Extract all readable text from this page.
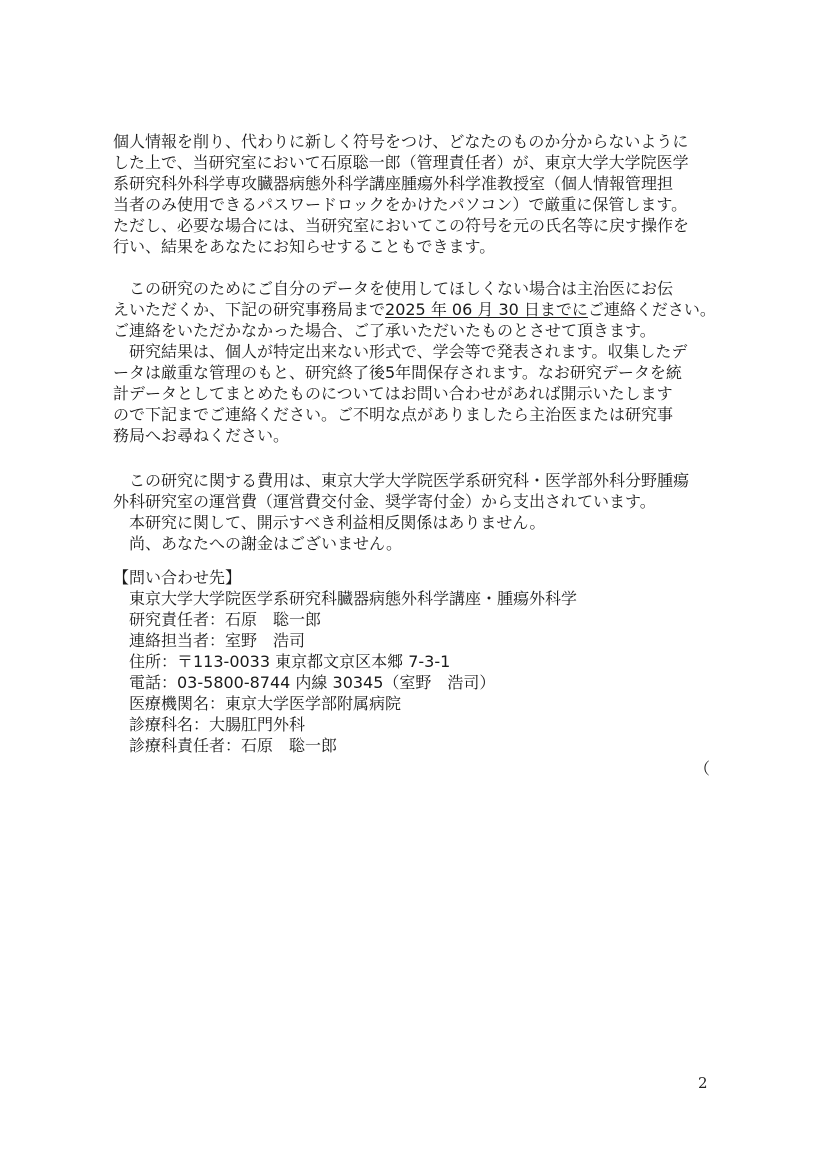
個人情報を削り、代わりに新しく符号をつけ、どなたのものか分からないように
した上で、当研究室において石原聡一郎（管理責任者）が、東京大学大学院医学
系研究科外科学専攻臓器病態外科学講座腫瘍外科学准教授室（個人情報管理担
当者のみ使用できるパスワードロックをかけたパソコン）で厳重に保管します。
ただし、必要な場合には、当研究室においてこの符号を元の氏名等に戻す操作を
行い、結果をあなたにお知らせすることもできます。
　この研究のためにご自分のデータを使用してほしくない場合は主治医にお伝
えいただくか、下記の研究事務局まで2025 年 06 月 30 日までにご連絡ください。
ご連絡をいただかなかった場合、ご了承いただいたものとさせて頂きます。
　研究結果は、個人が特定出来ない形式で、学会等で発表されます。収集したデ
ータは厳重な管理のもと、研究終了後5年間保存されます。なお研究データを統
計データとしてまとめたものについてはお問い合わせがあれば開示いたします
ので下記までご連絡ください。ご不明な点がありましたら主治医または研究事
務局へお尋ねください。
　この研究に関する費用は、東京大学大学院医学系研究科・医学部外科分野腫瘍
外科研究室の運営費（運営費交付金、奨学寄付金）から支出されています。
　本研究に関して、開示すべき利益相反関係はありません。
　尚、あなたへの謝金はございません。
【問い合わせ先】
　東京大学大学院医学系研究科臓器病態外科学講座・腫瘍外科学
　研究責任者：石原　聡一郎
　連絡担当者：室野　浩司
　住所：〒113-0033 東京都文京区本郷 7-3-1
　電話：03-5800-8744 内線 30345（室野　浩司）
　医療機関名：東京大学医学部附属病院
　診療科名：大腸肛門外科
　診療科責任者：石原　聡一郎
（
2
